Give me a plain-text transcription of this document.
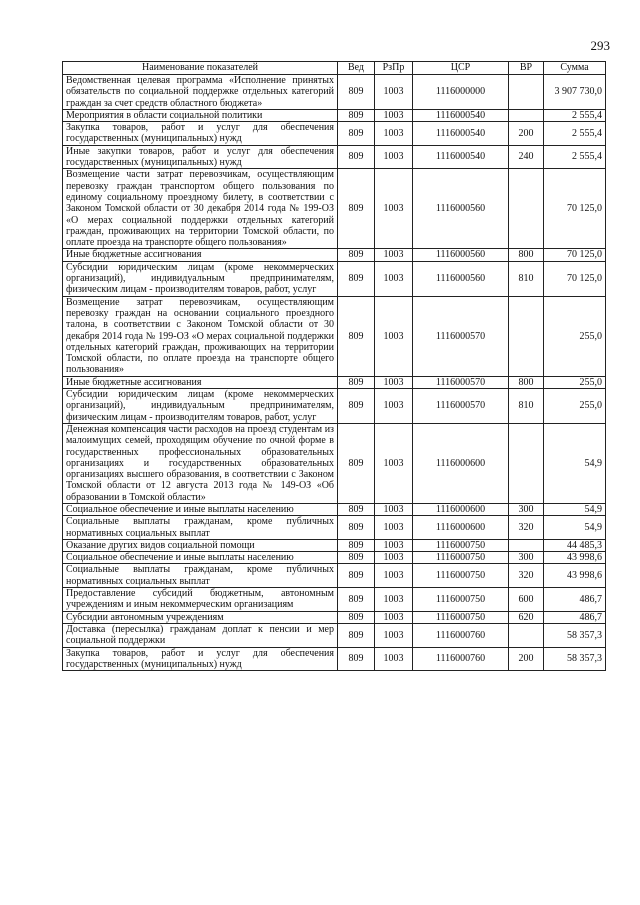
293
Наименование показателей	Вед	РзПр	ЦСР	ВР	Сумма
Ведомственная целевая программа «Исполнение принятых обязательств по социальной поддержке отдельных категорий граждан за счет средств областного бюджета»	809	1003	1116000000		3 907 730,0
Мероприятия в области социальной политики	809	1003	1116000540		2 555,4
Закупка товаров, работ и услуг для обеспечения государственных (муниципальных) нужд	809	1003	1116000540	200	2 555,4
Иные закупки товаров, работ и услуг для обеспечения государственных (муниципальных) нужд	809	1003	1116000540	240	2 555,4
Возмещение части затрат перевозчикам, осуществляющим перевозку граждан транспортом общего пользования по единому социальному проездному билету, в соответствии с Законом Томской области от 30 декабря 2014 года № 199-ОЗ «О мерах социальной поддержки отдельных категорий граждан, проживающих на территории Томской области, по оплате проезда на транспорте общего пользования»	809	1003	1116000560		70 125,0
Иные бюджетные ассигнования	809	1003	1116000560	800	70 125,0
Субсидии юридическим лицам (кроме некоммерческих организаций), индивидуальным предпринимателям, физическим лицам - производителям товаров, работ, услуг	809	1003	1116000560	810	70 125,0
Возмещение затрат перевозчикам, осуществляющим перевозку граждан на основании социального проездного талона, в соответствии с Законом Томской области от 30 декабря 2014 года № 199-ОЗ «О мерах социальной поддержки отдельных категорий граждан, проживающих на территории Томской области, по оплате проезда на транспорте общего пользования»	809	1003	1116000570		255,0
Иные бюджетные ассигнования	809	1003	1116000570	800	255,0
Субсидии юридическим лицам (кроме некоммерческих организаций), индивидуальным предпринимателям, физическим лицам - производителям товаров, работ, услуг	809	1003	1116000570	810	255,0
Денежная компенсация части расходов на проезд студентам из малоимущих семей, проходящим обучение по очной форме в государственных профессиональных образовательных организациях и государственных образовательных организациях высшего образования, в соответствии с Законом Томской области от 12 августа 2013 года № 149-ОЗ «Об образовании в Томской области»	809	1003	1116000600		54,9
Социальное обеспечение и иные выплаты населению	809	1003	1116000600	300	54,9
Социальные выплаты гражданам, кроме публичных нормативных социальных выплат	809	1003	1116000600	320	54,9
Оказание других видов социальной помощи	809	1003	1116000750		44 485,3
Социальное обеспечение и иные выплаты населению	809	1003	1116000750	300	43 998,6
Социальные выплаты гражданам, кроме публичных нормативных социальных выплат	809	1003	1116000750	320	43 998,6
Предоставление субсидий бюджетным, автономным учреждениям и иным некоммерческим организациям	809	1003	1116000750	600	486,7
Субсидии автономным учреждениям	809	1003	1116000750	620	486,7
Доставка (пересылка) гражданам доплат к пенсии и мер социальной поддержки	809	1003	1116000760		58 357,3
Закупка товаров, работ и услуг для обеспечения государственных (муниципальных) нужд	809	1003	1116000760	200	58 357,3
